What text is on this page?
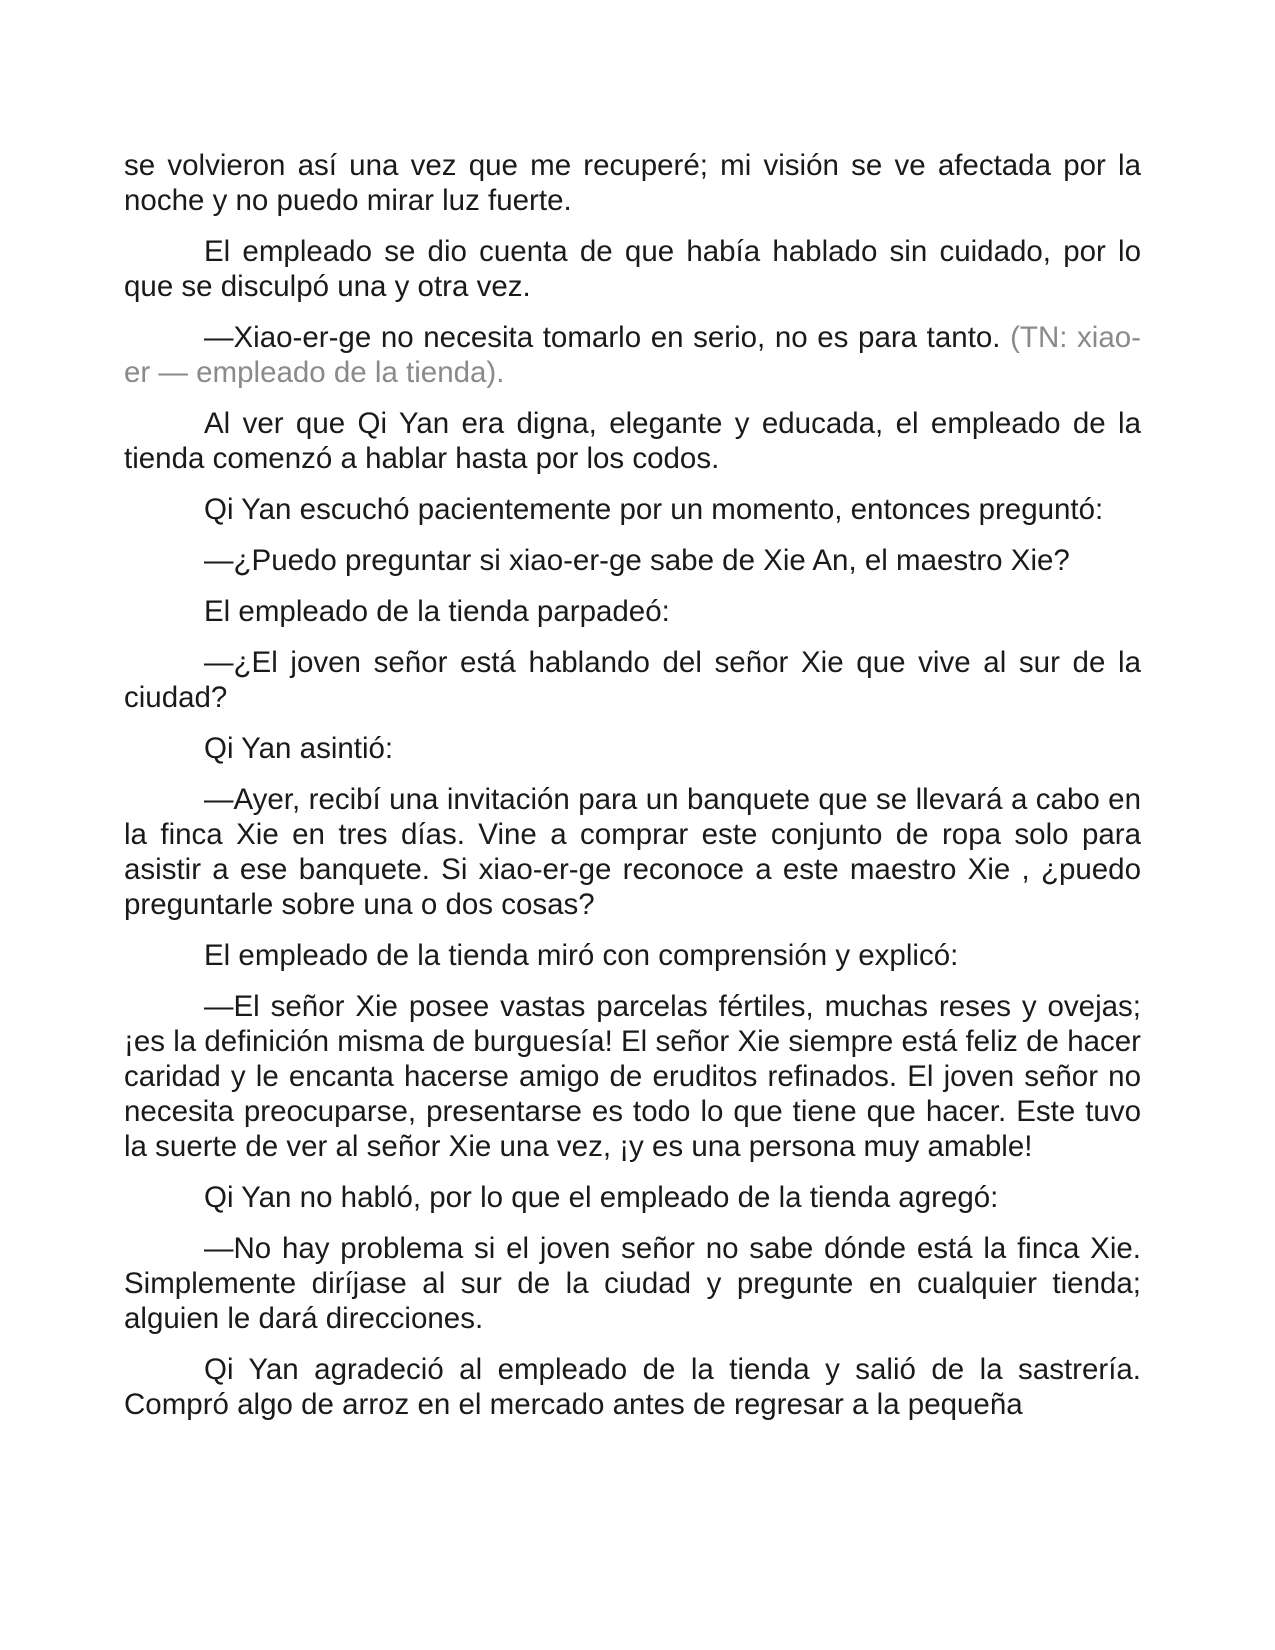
se volvieron así una vez que me recuperé; mi visión se ve afectada por la noche y no puedo mirar luz fuerte.

El empleado se dio cuenta de que había hablado sin cuidado, por lo que se disculpó una y otra vez.

—Xiao-er-ge no necesita tomarlo en serio, no es para tanto. (TN: xiao-er — empleado de la tienda).

Al ver que Qi Yan era digna, elegante y educada, el empleado de la tienda comenzó a hablar hasta por los codos.

Qi Yan escuchó pacientemente por un momento, entonces preguntó:

—¿Puedo preguntar si xiao-er-ge sabe de Xie An, el maestro Xie?

El empleado de la tienda parpadeó:

—¿El joven señor está hablando del señor Xie que vive al sur de la ciudad?

Qi Yan asintió:

—Ayer, recibí una invitación para un banquete que se llevará a cabo en la finca Xie en tres días. Vine a comprar este conjunto de ropa solo para asistir a ese banquete. Si xiao-er-ge reconoce a este maestro Xie , ¿puedo preguntarle sobre una o dos cosas?

El empleado de la tienda miró con comprensión y explicó:

—El señor Xie posee vastas parcelas fértiles, muchas reses y ovejas; ¡es la definición misma de burguesía! El señor Xie siempre está feliz de hacer caridad y le encanta hacerse amigo de eruditos refinados. El joven señor no necesita preocuparse, presentarse es todo lo que tiene que hacer. Este tuvo la suerte de ver al señor Xie una vez, ¡y es una persona muy amable!

Qi Yan no habló, por lo que el empleado de la tienda agregó:

—No hay problema si el joven señor no sabe dónde está la finca Xie. Simplemente diríjase al sur de la ciudad y pregunte en cualquier tienda; alguien le dará direcciones.

Qi Yan agradeció al empleado de la tienda y salió de la sastrería. Compró algo de arroz en el mercado antes de regresar a la pequeña
